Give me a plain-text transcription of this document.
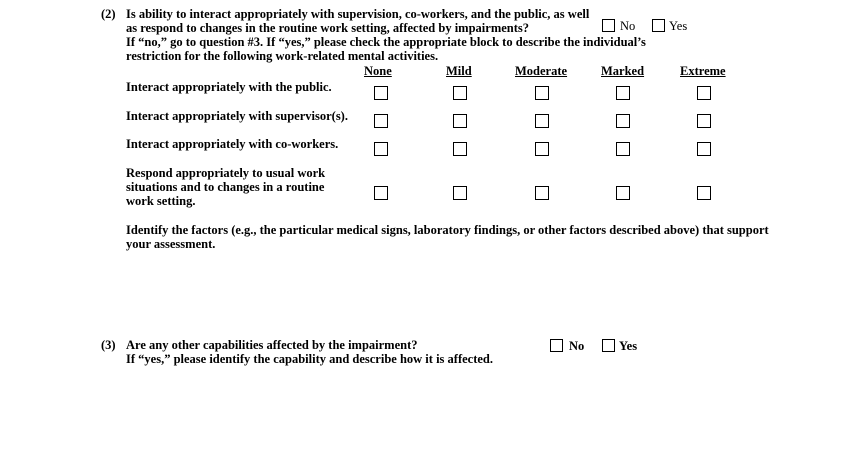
(2) Is ability to interact appropriately with supervision, co-workers, and the public, as well
as respond to changes in the routine work setting, affected by impairments?
If “no,” go to question #3. If “yes,” please check the appropriate block to describe the individual’s
restriction for the following work-related mental activities.
No	Yes
None	Mild	Moderate	Marked	Extreme
Interact appropriately with the public.
Interact appropriately with supervisor(s).
Interact appropriately with co-workers.
Respond appropriately to usual work
situations and to changes in a routine
work setting.
Identify the factors (e.g., the particular medical signs, laboratory findings, or other factors described above) that support
your assessment.
(3) Are any other capabilities affected by the impairment?
If “yes,” please identify the capability and describe how it is affected.
No	Yes
